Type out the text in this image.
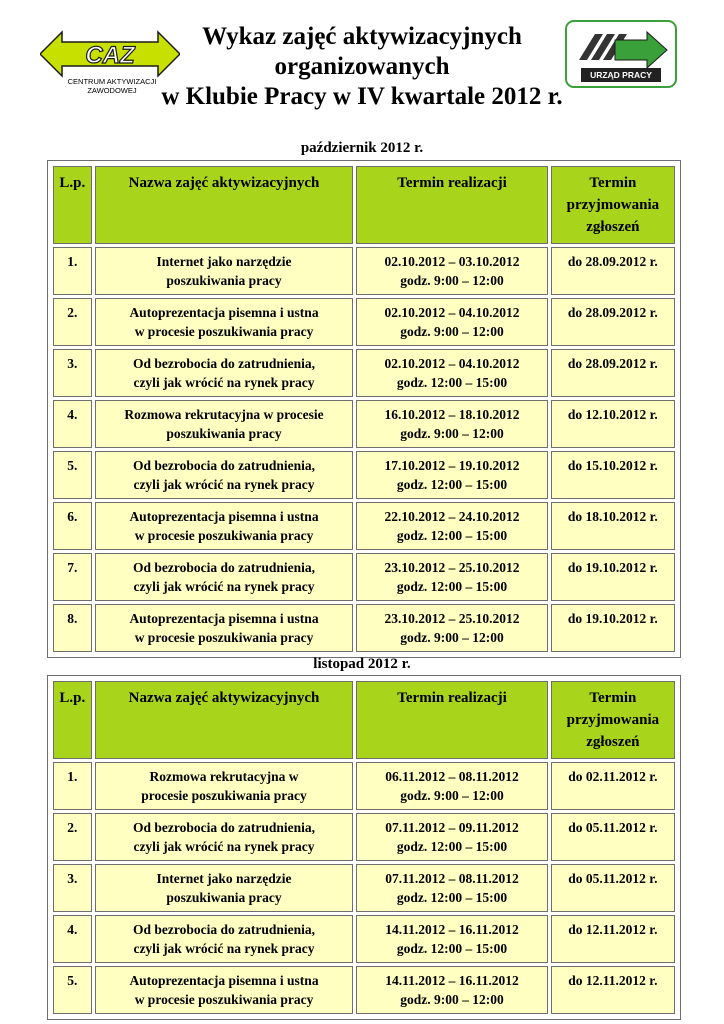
CAZ
CENTRUM AKTYWIZACJI
ZAWODOWEJ
Wykaz zajęć aktywizacyjnych
organizowanych
w Klubie Pracy w IV kwartale 2012 r.
URZĄD PRACY
październik 2012 r.
L.p.	Nazwa zajęć aktywizacyjnych	Termin realizacji	Termin przyjmowania zgłoszeń

1.	Internet jako narzędzie
poszukiwania pracy	02.10.2012 – 03.10.2012
godz. 9:00 – 12:00	do 28.09.2012 r.

2.	Autoprezentacja pisemna i ustna
w procesie poszukiwania pracy	02.10.2012 – 04.10.2012
godz. 9:00 – 12:00	do 28.09.2012 r.

3.	Od bezrobocia do zatrudnienia,
czyli jak wrócić na rynek pracy	02.10.2012 – 04.10.2012
godz. 12:00 – 15:00	do 28.09.2012 r.

4.	Rozmowa rekrutacyjna w procesie
poszukiwania pracy	16.10.2012 – 18.10.2012
godz. 9:00 – 12:00	do 12.10.2012 r.

5.	Od bezrobocia do zatrudnienia,
czyli jak wrócić na rynek pracy	17.10.2012 – 19.10.2012
godz. 12:00 – 15:00	do 15.10.2012 r.

6.	Autoprezentacja pisemna i ustna
w procesie poszukiwania pracy	22.10.2012 – 24.10.2012
godz. 12:00 – 15:00	do 18.10.2012 r.

7.	Od bezrobocia do zatrudnienia,
czyli jak wrócić na rynek pracy	23.10.2012 – 25.10.2012
godz. 12:00 – 15:00	do 19.10.2012 r.

8.	Autoprezentacja pisemna i ustna
w procesie poszukiwania pracy	23.10.2012 – 25.10.2012
godz. 9:00 – 12:00	do 19.10.2012 r.
listopad 2012 r.
L.p.	Nazwa zajęć aktywizacyjnych	Termin realizacji	Termin przyjmowania zgłoszeń

1.	Rozmowa rekrutacyjna w
procesie poszukiwania pracy	06.11.2012 – 08.11.2012
godz. 9:00 – 12:00	do 02.11.2012 r.

2.	Od bezrobocia do zatrudnienia,
czyli jak wrócić na rynek pracy	07.11.2012 – 09.11.2012
godz. 12:00 – 15:00	do 05.11.2012 r.

3.	Internet jako narzędzie
poszukiwania pracy	07.11.2012 – 08.11.2012
godz. 12:00 – 15:00	do 05.11.2012 r.

4.	Od bezrobocia do zatrudnienia,
czyli jak wrócić na rynek pracy	14.11.2012 – 16.11.2012
godz. 12:00 – 15:00	do 12.11.2012 r.

5.	Autoprezentacja pisemna i ustna
w procesie poszukiwania pracy	14.11.2012 – 16.11.2012
godz. 9:00 – 12:00	do 12.11.2012 r.
